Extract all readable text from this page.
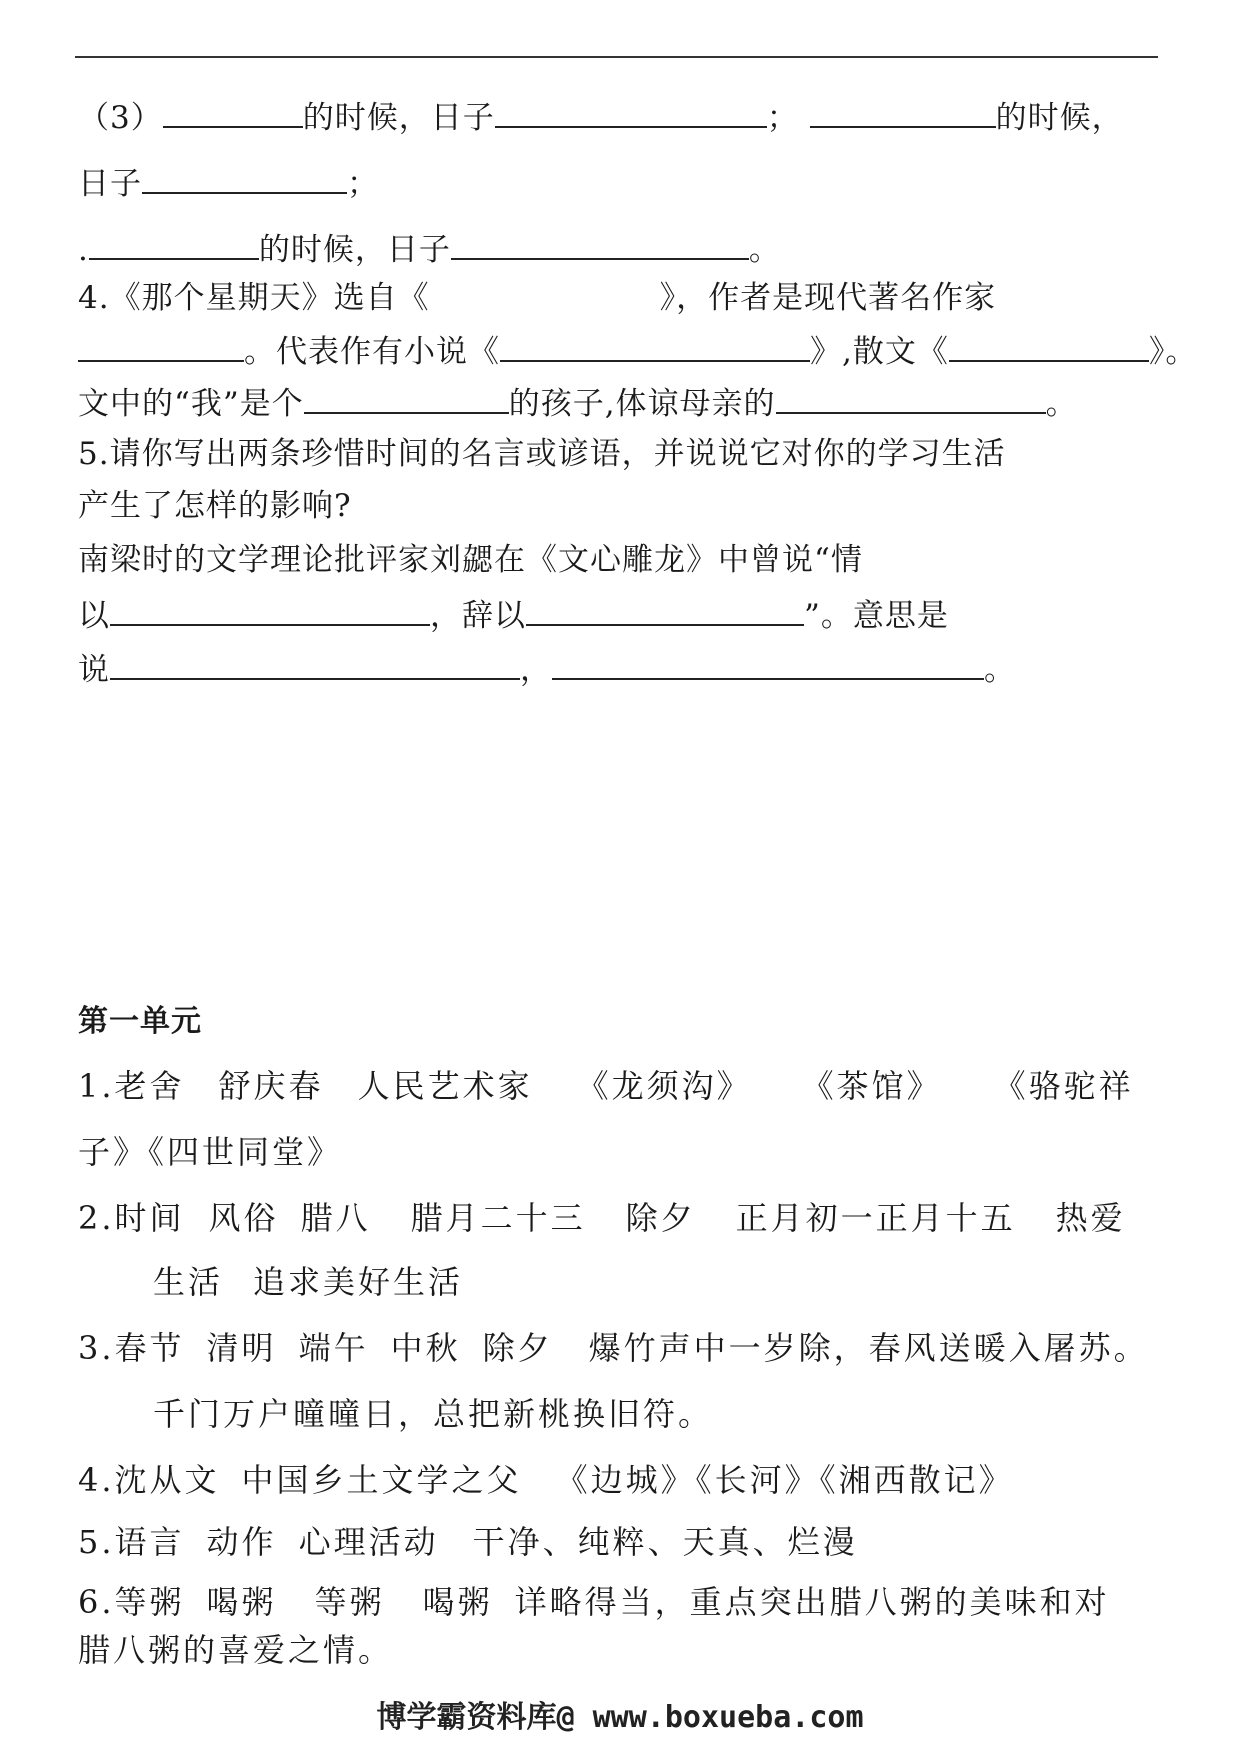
（3）	的时候，日子	；	的时候，
日子	；
.	的时候，日子	。
4.《那个星期天》选自《	》，作者是现代著名作家
。代表作有小说《	》,散文《	》。
文中的“我”是个	的孩子,体谅母亲的	。
5.请你写出两条珍惜时间的名言或谚语，并说说它对你的学习生活
产生了怎样的影响?
南梁时的文学理论批评家刘勰在《文心雕龙》中曾说“情
以	，辞以	”。意思是
说	，	。
第一单元
1.老舍 舒庆春 人民艺术家 《龙须沟》 《茶馆》 《骆驼祥
子》《四世同堂》
2.时间 风俗 腊八 腊月二十三 除夕 正月初一正月十五 热爱
生活 追求美好生活
3.春节 清明 端午 中秋 除夕 爆竹声中一岁除，春风送暖入屠苏。
千门万户曈曈日，总把新桃换旧符。
4.沈从文 中国乡土文学之父 《边城》《长河》《湘西散记》
5.语言 动作 心理活动 干净、纯粹、天真、烂漫
6.等粥 喝粥 等粥 喝粥 详略得当，重点突出腊八粥的美味和对
腊八粥的喜爱之情。
博学霸资料库@ www.boxueba.com
